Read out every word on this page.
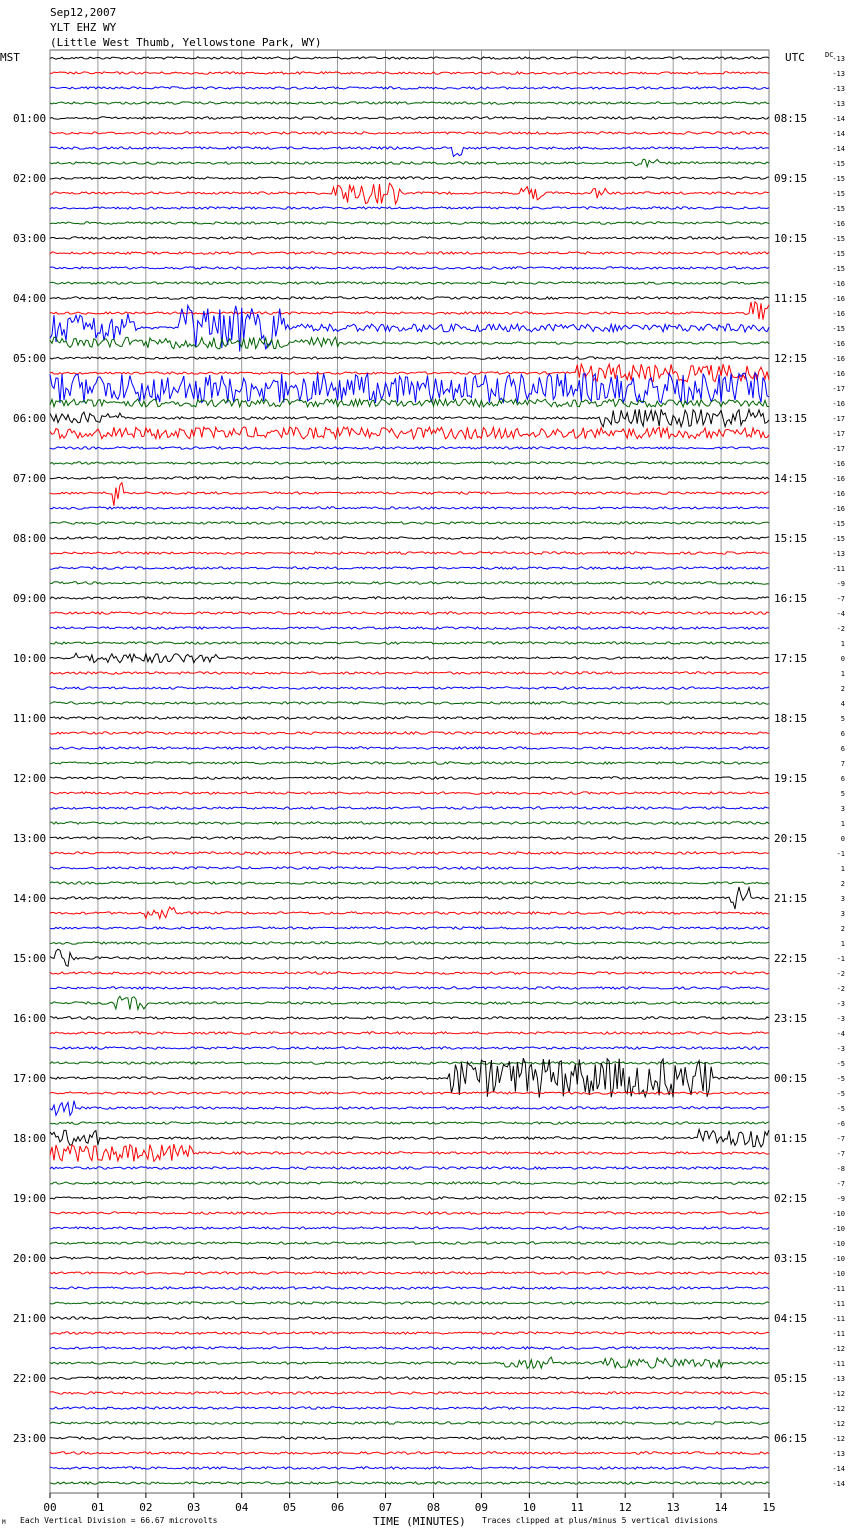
Sep12,2007
YLT EHZ WY
(Little West Thumb, Yellowstone Park, WY)
MST	UTC	DC
01:00
02:00
03:00
04:00
05:00
06:00
07:00
08:00
09:00
10:00
11:00
12:00
13:00
14:00
15:00
16:00
17:00
18:00
19:00
20:00
21:00
22:00
23:00
08:15
09:15
10:15
11:15
12:15
13:15
14:15
15:15
16:15
17:15
18:15
19:15
20:15
21:15
22:15
23:15
00:15
01:15
02:15
03:15
04:15
05:15
06:15
-13
-13
-13
-13
-14
-14
-14
-15
-15
-15
-15
-16
-15
-15
-15
-16
-16
-16
-15
-16
-16
-16
-17
-16
-17
-17
-17
-16
-16
-16
-16
-15
-15
-13
-11
-9
-7
-4
-2
1
0
1
2
4
5
6
6
7
6
5
3
1
0
-1
1
2
3
3
2
1
-1
-2
-2
-3
-3
-4
-3
-5
-5
-5
-5
-6
-7
-7
-8
-7
-9
-10
-10
-10
-10
-10
-11
-11
-11
-11
-12
-11
-13
-12
-12
-12
-12
-13
-14
-14
00	01	02	03	04	05	06	07	08	09	10	11	12	13	14	15
M Each Vertical Division = 66.67 microvolts	TIME (MINUTES) Traces clipped at plus/minus 5 vertical divisions
